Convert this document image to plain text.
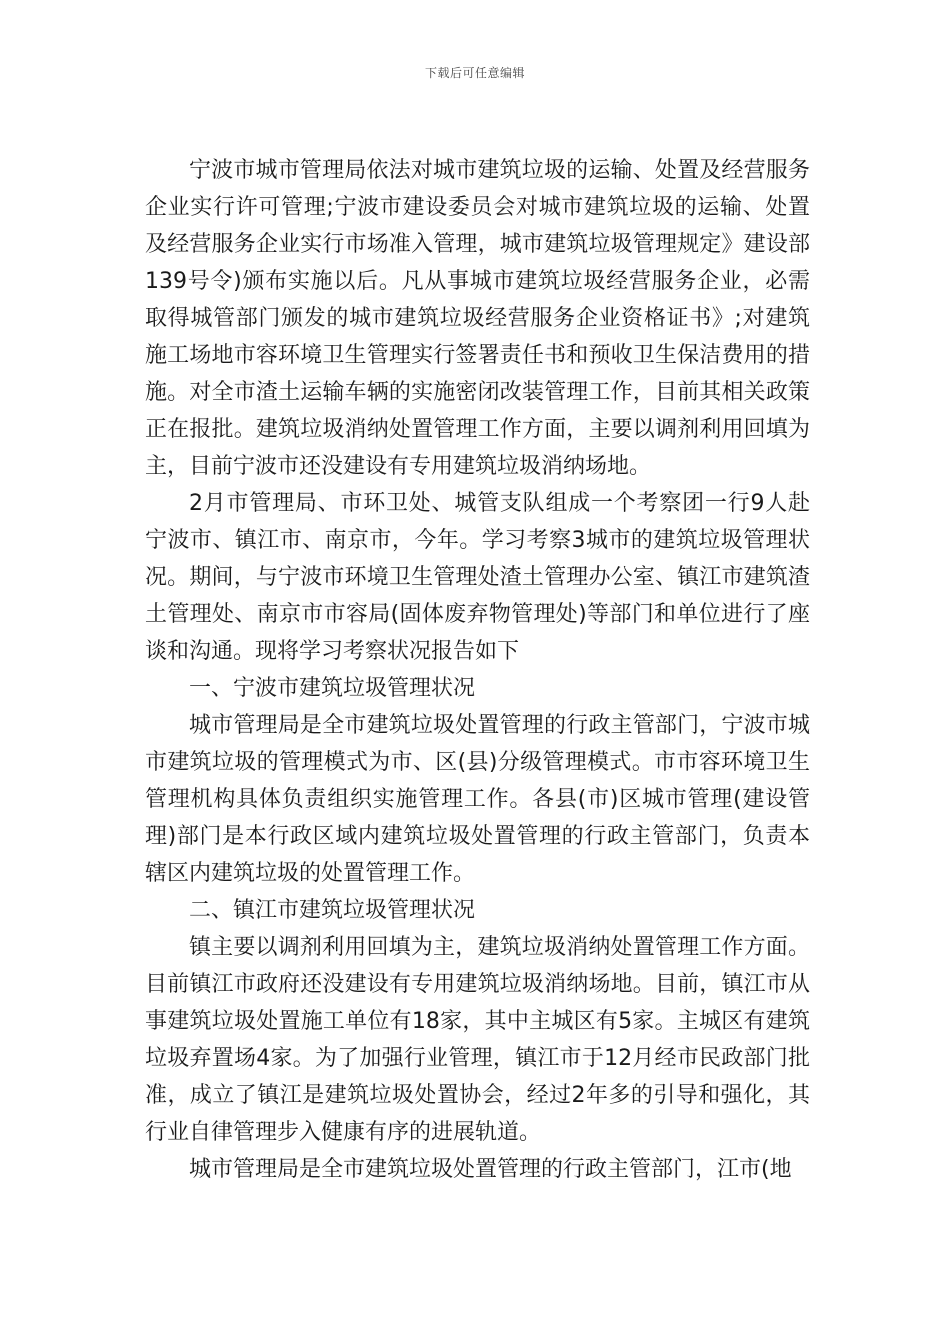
下载后可任意编辑

宁波市城市管理局依法对城市建筑垃圾的运输、处置及经营服务企业实行许可管理;宁波市建设委员会对城市建筑垃圾的运输、处置及经营服务企业实行市场准入管理，城市建筑垃圾管理规定》建设部139号令)颁布实施以后。凡从事城市建筑垃圾经营服务企业，必需取得城管部门颁发的城市建筑垃圾经营服务企业资格证书》;对建筑施工场地市容环境卫生管理实行签署责任书和预收卫生保洁费用的措施。对全市渣土运输车辆的实施密闭改装管理工作，目前其相关政策正在报批。建筑垃圾消纳处置管理工作方面，主要以调剂利用回填为主，目前宁波市还没建设有专用建筑垃圾消纳场地。

2月市管理局、市环卫处、城管支队组成一个考察团一行9人赴宁波市、镇江市、南京市，今年。学习考察3城市的建筑垃圾管理状况。期间，与宁波市环境卫生管理处渣土管理办公室、镇江市建筑渣土管理处、南京市市容局(固体废弃物管理处)等部门和单位进行了座谈和沟通。现将学习考察状况报告如下

一、宁波市建筑垃圾管理状况

城市管理局是全市建筑垃圾处置管理的行政主管部门，宁波市城市建筑垃圾的管理模式为市、区(县)分级管理模式。市市容环境卫生管理机构具体负责组织实施管理工作。各县(市)区城市管理(建设管理)部门是本行政区域内建筑垃圾处置管理的行政主管部门，负责本辖区内建筑垃圾的处置管理工作。

二、镇江市建筑垃圾管理状况

镇主要以调剂利用回填为主，建筑垃圾消纳处置管理工作方面。目前镇江市政府还没建设有专用建筑垃圾消纳场地。目前，镇江市从事建筑垃圾处置施工单位有18家，其中主城区有5家。主城区有建筑垃圾弃置场4家。为了加强行业管理，镇江市于12月经市民政部门批准，成立了镇江是建筑垃圾处置协会，经过2年多的引导和强化，其行业自律管理步入健康有序的进展轨道。

城市管理局是全市建筑垃圾处置管理的行政主管部门，江市(地
